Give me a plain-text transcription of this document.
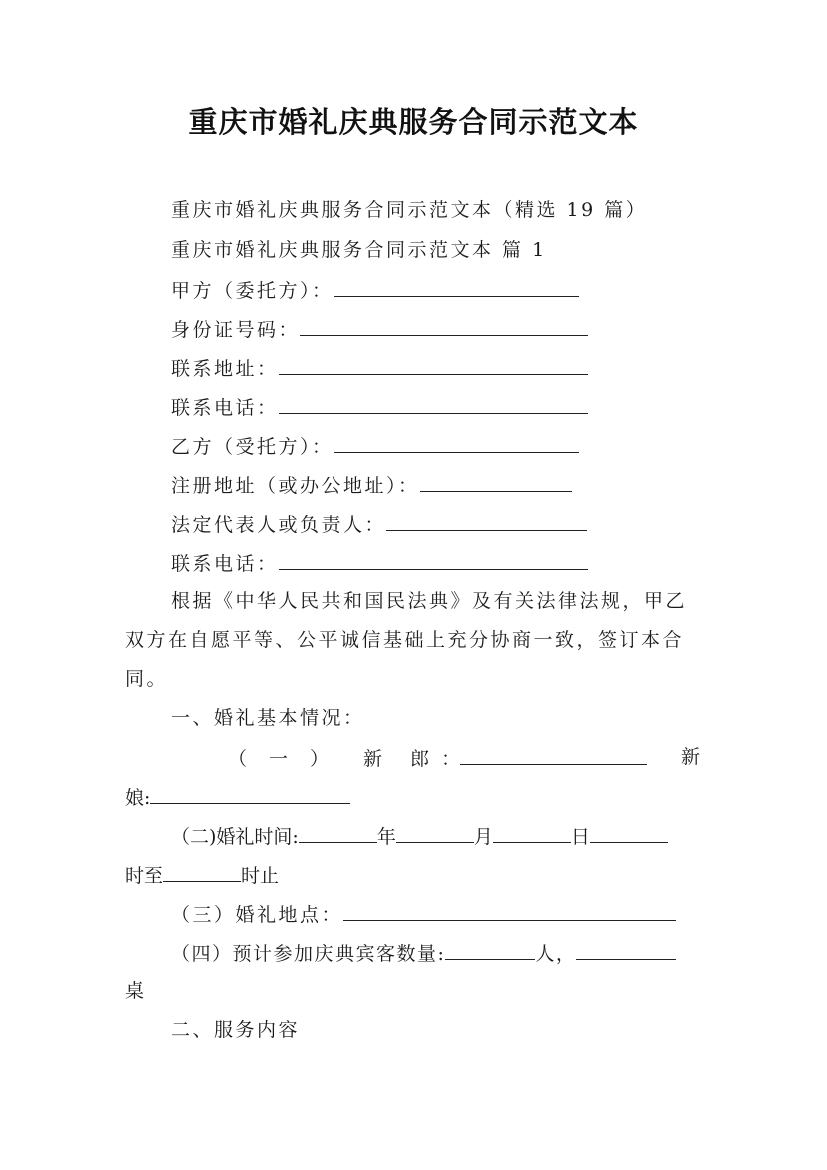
重庆市婚礼庆典服务合同示范文本
重庆市婚礼庆典服务合同示范文本（精选 19 篇）
重庆市婚礼庆典服务合同示范文本 篇 1
甲方（委托方）：
身份证号码：
联系地址：
联系电话：
乙方（受托方）：
注册地址（或办公地址）：
法定代表人或负责人：
联系电话：
根据《中华人民共和国民法典》及有关法律法规，甲乙
双方在自愿平等、公平诚信基础上充分协商一致，签订本合
同。
一、婚礼基本情况：
（ 一 ） 新 郎 ：	新
娘:
（二)婚礼时间:	年	月	日
时至	时止
（三）婚礼地点：
（四）预计参加庆典宾客数量:	人，
桌
二、服务内容
